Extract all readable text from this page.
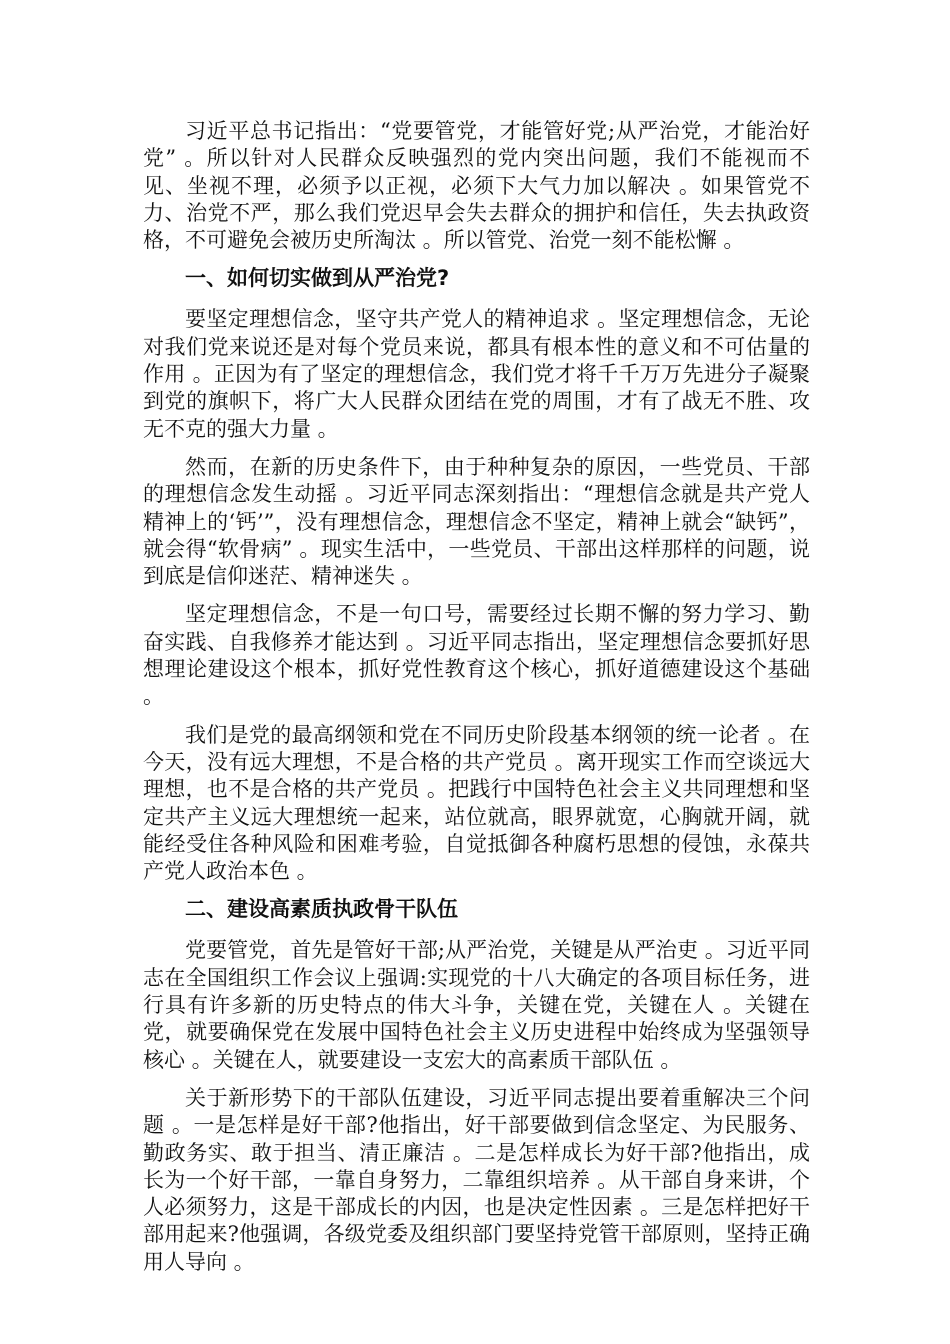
习近平总书记指出：“党要管党，才能管好党;从严治党，才能治好党” 。所以针对人民群众反映强烈的党内突出问题，我们不能视而不见、坐视不理，必须予以正视，必须下大气力加以解决 。如果管党不力、治党不严，那么我们党迟早会失去群众的拥护和信任，失去执政资格，不可避免会被历史所淘汰 。所以管党、治党一刻不能松懈 。

一、如何切实做到从严治党?

要坚定理想信念，坚守共产党人的精神追求 。坚定理想信念，无论对我们党来说还是对每个党员来说，都具有根本性的意义和不可估量的作用 。正因为有了坚定的理想信念，我们党才将千千万万先进分子凝聚到党的旗帜下，将广大人民群众团结在党的周围，才有了战无不胜、攻无不克的强大力量 。

然而，在新的历史条件下，由于种种复杂的原因，一些党员、干部的理想信念发生动摇 。习近平同志深刻指出：“理想信念就是共产党人精神上的‘钙’”，没有理想信念，理想信念不坚定，精神上就会“缺钙”，就会得“软骨病” 。现实生活中，一些党员、干部出这样那样的问题，说到底是信仰迷茫、精神迷失 。

坚定理想信念，不是一句口号，需要经过长期不懈的努力学习、勤奋实践、自我修养才能达到 。习近平同志指出，坚定理想信念要抓好思想理论建设这个根本，抓好党性教育这个核心，抓好道德建设这个基础 。

我们是党的最高纲领和党在不同历史阶段基本纲领的统一论者 。在今天，没有远大理想，不是合格的共产党员 。离开现实工作而空谈远大理想，也不是合格的共产党员 。把践行中国特色社会主义共同理想和坚定共产主义远大理想统一起来，站位就高，眼界就宽，心胸就开阔，就能经受住各种风险和困难考验，自觉抵御各种腐朽思想的侵蚀，永葆共产党人政治本色 。

二、建设高素质执政骨干队伍

党要管党，首先是管好干部;从严治党，关键是从严治吏 。习近平同志在全国组织工作会议上强调:实现党的十八大确定的各项目标任务，进行具有许多新的历史特点的伟大斗争，关键在党，关键在人 。关键在党，就要确保党在发展中国特色社会主义历史进程中始终成为坚强领导核心 。关键在人，就要建设一支宏大的高素质干部队伍 。

关于新形势下的干部队伍建设，习近平同志提出要着重解决三个问题 。一是怎样是好干部?他指出，好干部要做到信念坚定、为民服务、勤政务实、敢于担当、清正廉洁 。二是怎样成长为好干部?他指出，成长为一个好干部，一靠自身努力，二靠组织培养 。从干部自身来讲，个人必须努力，这是干部成长的内因，也是决定性因素 。三是怎样把好干部用起来?他强调，各级党委及组织部门要坚持党管干部原则，坚持正确用人导向 。
